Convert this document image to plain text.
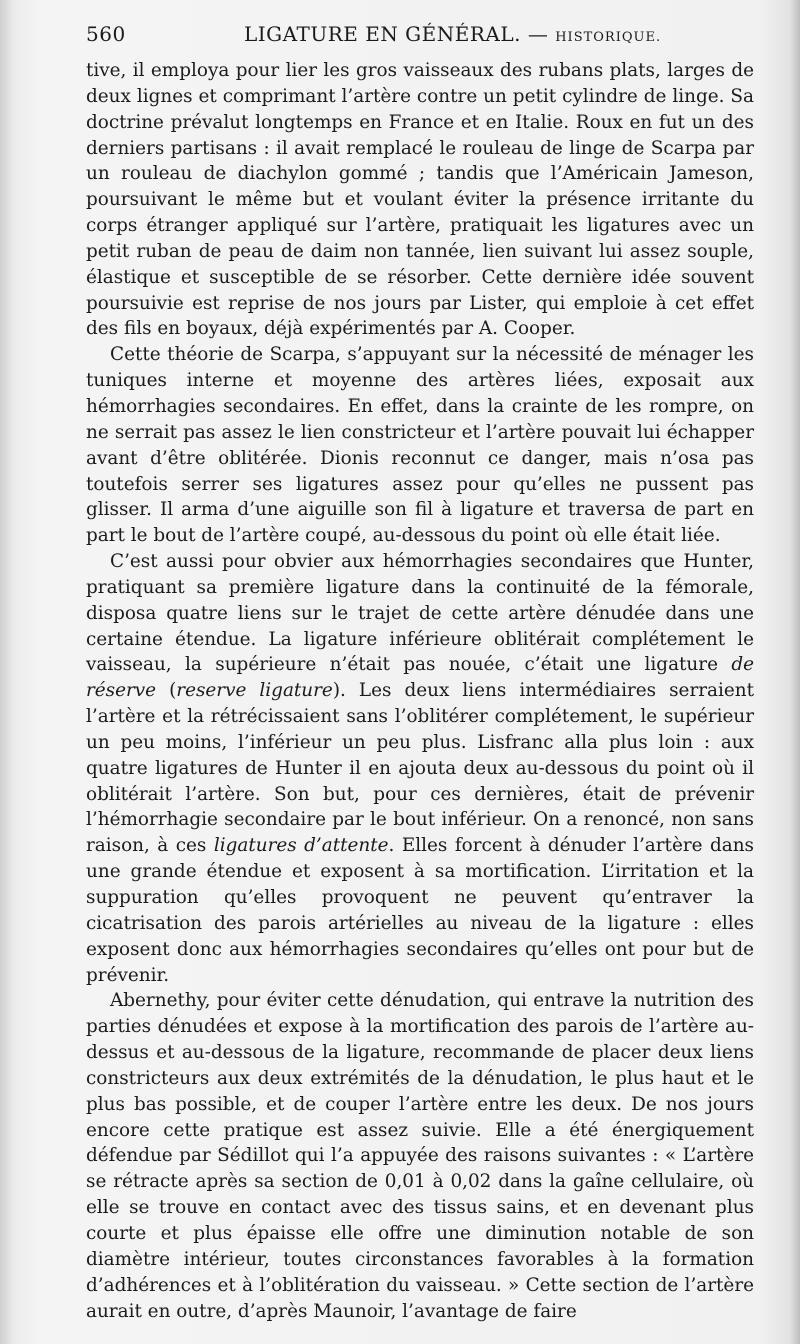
560	LIGATURE EN GÉNÉRAL. — HISTORIQUE.

tive, il employa pour lier les gros vaisseaux des rubans plats, larges de deux lignes et comprimant l’artère contre un petit cylindre de linge. Sa doctrine prévalut longtemps en France et en Italie. Roux en fut un des derniers partisans : il avait remplacé le rouleau de linge de Scarpa par un rouleau de diachylon gommé ; tandis que l’Américain Jameson, poursuivant le même but et voulant éviter la présence irritante du corps étranger appliqué sur l’artère, pratiquait les ligatures avec un petit ruban de peau de daim non tannée, lien suivant lui assez souple, élastique et susceptible de se résorber. Cette dernière idée souvent poursuivie est reprise de nos jours par Lister, qui emploie à cet effet des fils en boyaux, déjà expérimentés par A. Cooper.

Cette théorie de Scarpa, s’appuyant sur la nécessité de ménager les tuniques interne et moyenne des artères liées, exposait aux hémorrhagies secondaires. En effet, dans la crainte de les rompre, on ne serrait pas assez le lien constricteur et l’artère pouvait lui échapper avant d’être oblitérée. Dionis reconnut ce danger, mais n’osa pas toutefois serrer ses ligatures assez pour qu’elles ne pussent pas glisser. Il arma d’une aiguille son fil à ligature et traversa de part en part le bout de l’artère coupé, au-dessous du point où elle était liée.

C’est aussi pour obvier aux hémorrhagies secondaires que Hunter, pratiquant sa première ligature dans la continuité de la fémorale, disposa quatre liens sur le trajet de cette artère dénudée dans une certaine étendue. La ligature inférieure oblitérait complétement le vaisseau, la supérieure n’était pas nouée, c’était une ligature de réserve (reserve ligature). Les deux liens intermédiaires serraient l’artère et la rétrécissaient sans l’oblitérer complétement, le supérieur un peu moins, l’inférieur un peu plus. Lisfranc alla plus loin : aux quatre ligatures de Hunter il en ajouta deux au-dessous du point où il oblitérait l’artère. Son but, pour ces dernières, était de prévenir l’hémorrhagie secondaire par le bout inférieur. On a renoncé, non sans raison, à ces ligatures d’attente. Elles forcent à dénuder l’artère dans une grande étendue et exposent à sa mortification. L’irritation et la suppuration qu’elles provoquent ne peuvent qu’entraver la cicatrisation des parois artérielles au niveau de la ligature : elles exposent donc aux hémorrhagies secondaires qu’elles ont pour but de prévenir.

Abernethy, pour éviter cette dénudation, qui entrave la nutrition des parties dénudées et expose à la mortification des parois de l’artère au-dessus et au-dessous de la ligature, recommande de placer deux liens constricteurs aux deux extrémités de la dénudation, le plus haut et le plus bas possible, et de couper l’artère entre les deux. De nos jours encore cette pratique est assez suivie. Elle a été énergiquement défendue par Sédillot qui l’a appuyée des raisons suivantes : « L’artère se rétracte après sa section de 0,01 à 0,02 dans la gaîne cellulaire, où elle se trouve en contact avec des tissus sains, et en devenant plus courte et plus épaisse elle offre une diminution notable de son diamètre intérieur, toutes circonstances favorables à la formation d’adhérences et à l’oblitération du vaisseau. » Cette section de l’artère aurait en outre, d’après Maunoir, l’avantage de faire
